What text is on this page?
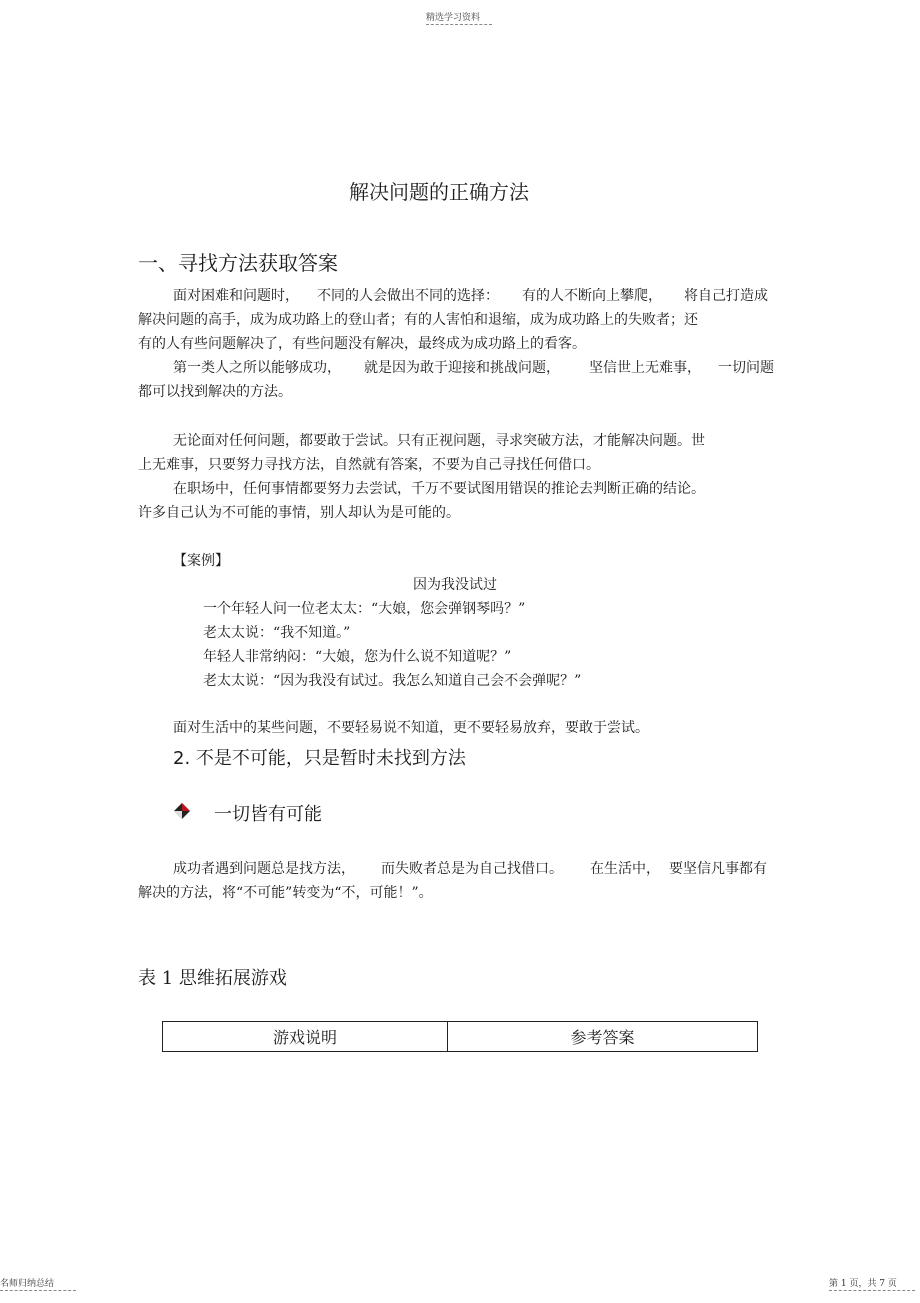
精选学习资料
解决问题的正确方法
一、寻找方法获取答案
面对困难和问题时， 不同的人会做出不同的选择： 有的人不断向上攀爬， 将自己打造成
解决问题的高手，成为成功路上的登山者；有的人害怕和退缩，成为成功路上的失败者；还
有的人有些问题解决了，有些问题没有解决，最终成为成功路上的看客。
第一类人之所以能够成功， 就是因为敢于迎接和挑战问题， 坚信世上无难事， 一切问题
都可以找到解决的方法。
无论面对任何问题，都要敢于尝试。只有正视问题，寻求突破方法，才能解决问题。世
上无难事，只要努力寻找方法，自然就有答案，不要为自己寻找任何借口。
在职场中，任何事情都要努力去尝试，千万不要试图用错误的推论去判断正确的结论。
许多自己认为不可能的事情，别人却认为是可能的。
【案例】
因为我没试过
一个年轻人问一位老太太：“大娘，您会弹钢琴吗？”
老太太说：“我不知道。”
年轻人非常纳闷：“大娘，您为什么说不知道呢？”
老太太说：“因为我没有试过。我怎么知道自己会不会弹呢？”
面对生活中的某些问题，不要轻易说不知道，更不要轻易放弃，要敢于尝试。
2. 不是不可能，只是暂时未找到方法
一切皆有可能
成功者遇到问题总是找方法， 而失败者总是为自己找借口。 在生活中， 要坚信凡事都有
解决的方法，将“不可能”转变为“不，可能！”。
表 1 思维拓展游戏
游戏说明	参考答案
名师归纳总结	第 1 页，共 7 页
